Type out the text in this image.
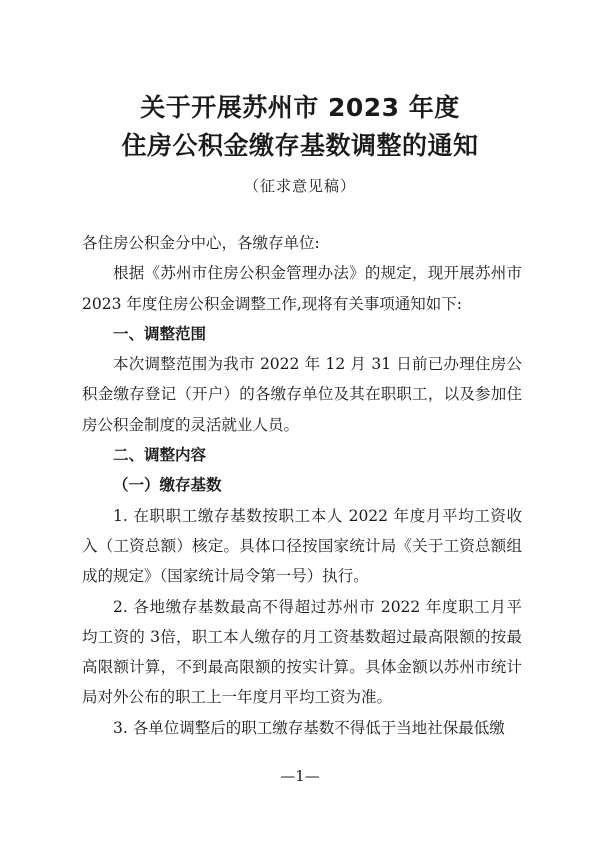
关于开展苏州市 2023 年度
住房公积金缴存基数调整的通知
（征求意见稿）

各住房公积金分中心，各缴存单位:

根据《苏州市住房公积金管理办法》的规定，现开展苏州市 2023 年度住房公积金调整工作,现将有关事项通知如下:

一、调整范围

本次调整范围为我市 2022 年 12 月 31 日前已办理住房公积金缴存登记（开户）的各缴存单位及其在职职工，以及参加住房公积金制度的灵活就业人员。

二、调整内容

（一）缴存基数

1. 在职职工缴存基数按职工本人 2022 年度月平均工资收入（工资总额）核定。具体口径按国家统计局《关于工资总额组成的规定》（国家统计局令第一号）执行。

2. 各地缴存基数最高不得超过苏州市 2022 年度职工月平均工资的 3倍，职工本人缴存的月工资基数超过最高限额的按最高限额计算，不到最高限额的按实计算。具体金额以苏州市统计局对外公布的职工上一年度月平均工资为准。

3. 各单位调整后的职工缴存基数不得低于当地社保最低缴

—1—
